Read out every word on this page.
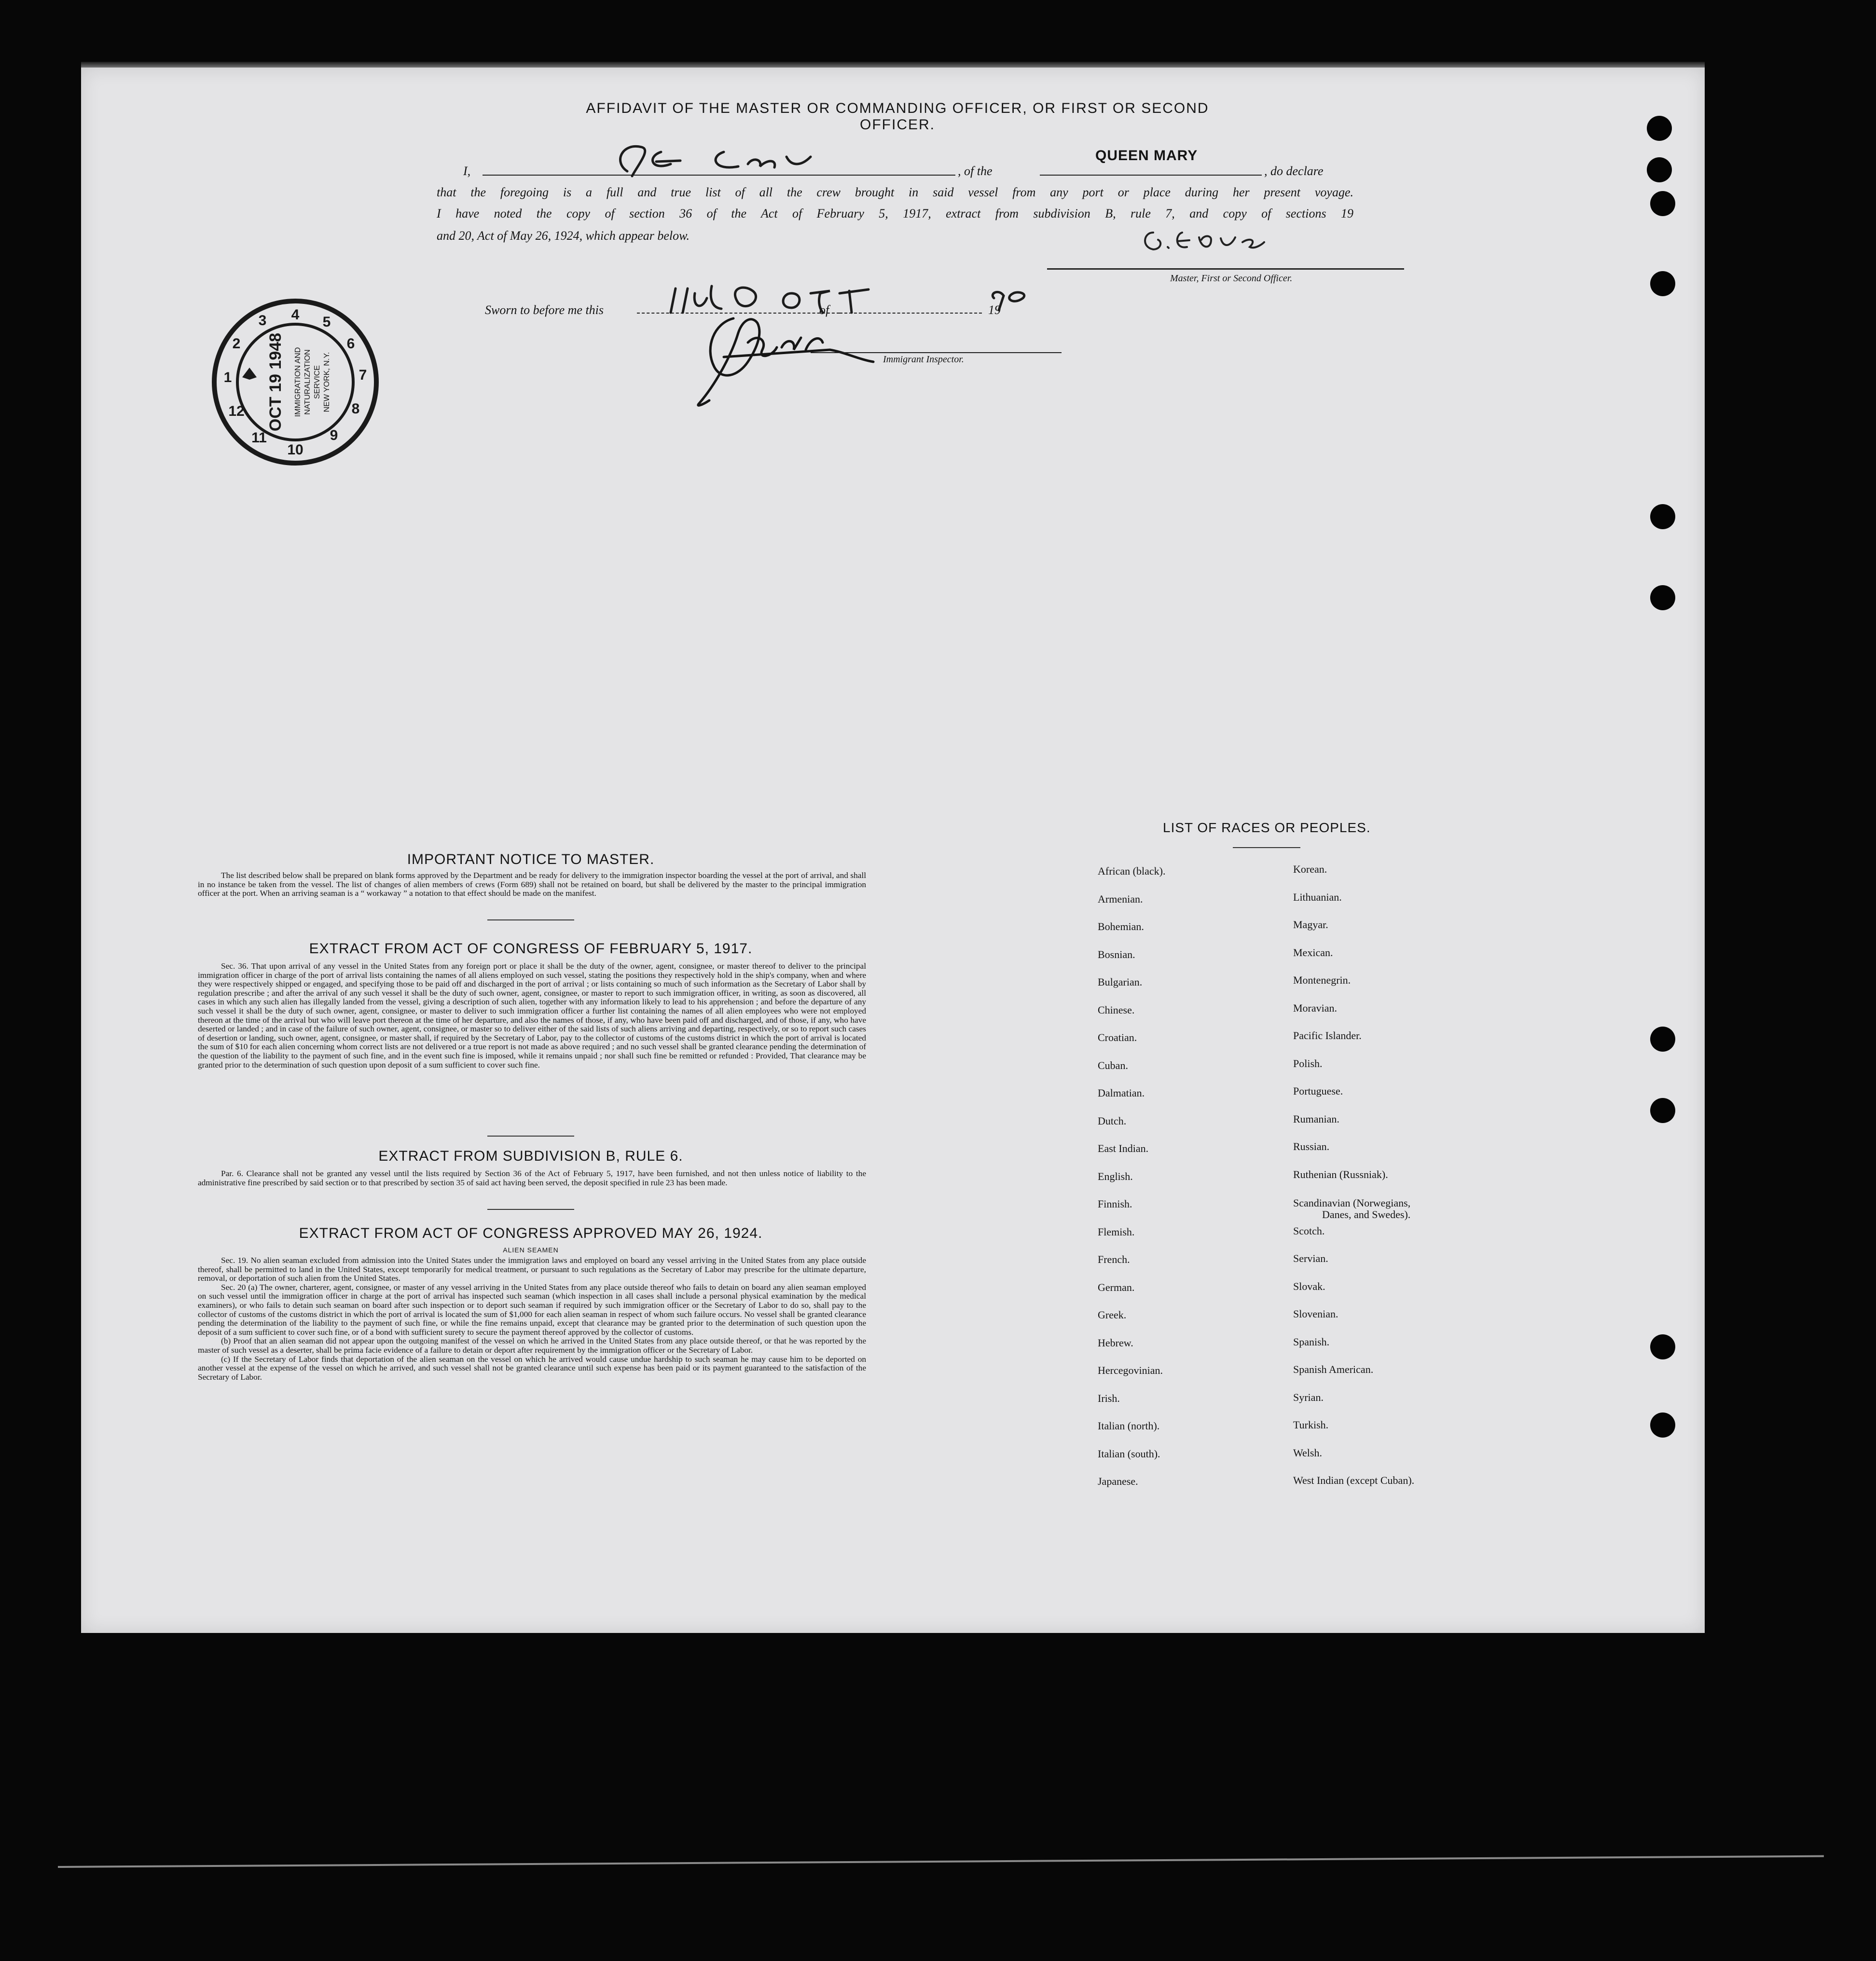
AFFIDAVIT OF THE MASTER OR COMMANDING OFFICER, OR FIRST OR SECOND OFFICER.
I,	, of the
QUEEN MARY
, do declare
that the foregoing is a full and true list of all the crew brought in said vessel from any port or place during her present voyage.
I have noted the copy of section 36 of the Act of February 5, 1917, extract from subdivision B, rule 7, and copy of sections 19
and 20, Act of May 26, 1924, which appear below.
Master, First or Second Officer.
Sworn to before me this	of	19
Immigrant Inspector.
4 5
6
7
8
9
10
11
12
1
2
3
OCT 19 1948 IMMIGRATION AND NATURALIZATION SERVICE NEW YORK, N.Y.
IMPORTANT NOTICE TO MASTER.

The list described below shall be prepared on blank forms approved by the Department and be ready for delivery to the immigration inspector boarding the vessel at the port of arrival, and shall in no instance be taken from the vessel. The list of changes of alien members of crews (Form 689) shall not be retained on board, but shall be delivered by the master to the principal immigration officer at the port. When an arriving seaman is a “ workaway ” a notation to that effect should be made on the manifest.

EXTRACT FROM ACT OF CONGRESS OF FEBRUARY 5, 1917.

Sec. 36. That upon arrival of any vessel in the United States from any foreign port or place it shall be the duty of the owner, agent, consignee, or master thereof to deliver to the principal immigration officer in charge of the port of arrival lists containing the names of all aliens employed on such vessel, stating the positions they respectively hold in the ship's company, when and where they were respectively shipped or engaged, and specifying those to be paid off and discharged in the port of arrival ; or lists containing so much of such information as the Secretary of Labor shall by regulation prescribe ; and after the arrival of any such vessel it shall be the duty of such owner, agent, consignee, or master to report to such immigration officer, in writing, as soon as discovered, all cases in which any such alien has illegally landed from the vessel, giving a description of such alien, together with any information likely to lead to his apprehension ; and before the departure of any such vessel it shall be the duty of such owner, agent, consignee, or master to deliver to such immigration officer a further list containing the names of all alien employees who were not employed thereon at the time of the arrival but who will leave port thereon at the time of her departure, and also the names of those, if any, who have been paid off and discharged, and of those, if any, who have deserted or landed ; and in case of the failure of such owner, agent, consignee, or master so to deliver either of the said lists of such aliens arriving and departing, respectively, or so to report such cases of desertion or landing, such owner, agent, consignee, or master shall, if required by the Secretary of Labor, pay to the collector of customs of the customs district in which the port of arrival is located the sum of $10 for each alien concerning whom correct lists are not delivered or a true report is not made as above required ; and no such vessel shall be granted clearance pending the determination of the question of the liability to the payment of such fine, and in the event such fine is imposed, while it remains unpaid ; nor shall such fine be remitted or refunded : Provided, That clearance may be granted prior to the determination of such question upon deposit of a sum sufficient to cover such fine.

EXTRACT FROM SUBDIVISION B, RULE 6.

Par. 6. Clearance shall not be granted any vessel until the lists required by Section 36 of the Act of February 5, 1917, have been furnished, and not then unless notice of liability to the administrative fine prescribed by said section or to that prescribed by section 35 of said act having been served, the deposit specified in rule 23 has been made.

EXTRACT FROM ACT OF CONGRESS APPROVED MAY 26, 1924.
ALIEN SEAMEN

Sec. 19. No alien seaman excluded from admission into the United States under the immigration laws and employed on board any vessel arriving in the United States from any place outside thereof, shall be permitted to land in the United States, except temporarily for medical treatment, or pursuant to such regulations as the Secretary of Labor may prescribe for the ultimate departure, removal, or deportation of such alien from the United States.

Sec. 20 (a) The owner, charterer, agent, consignee, or master of any vessel arriving in the United States from any place outside thereof who fails to detain on board any alien seaman employed on such vessel until the immigration officer in charge at the port of arrival has inspected such seaman (which inspection in all cases shall include a personal physical examination by the medical examiners), or who fails to detain such seaman on board after such inspection or to deport such seaman if required by such immigration officer or the Secretary of Labor to do so, shall pay to the collector of customs of the customs district in which the port of arrival is located the sum of $1,000 for each alien seaman in respect of whom such failure occurs. No vessel shall be granted clearance pending the determination of the liability to the payment of such fine, or while the fine remains unpaid, except that clearance may be granted prior to the determination of such question upon the deposit of a sum sufficient to cover such fine, or of a bond with sufficient surety to secure the payment thereof approved by the collector of customs.

(b) Proof that an alien seaman did not appear upon the outgoing manifest of the vessel on which he arrived in the United States from any place outside thereof, or that he was reported by the master of such vessel as a deserter, shall be prima facie evidence of a failure to detain or deport after requirement by the immigration officer or the Secretary of Labor.

(c) If the Secretary of Labor finds that deportation of the alien seaman on the vessel on which he arrived would cause undue hardship to such seaman he may cause him to be deported on another vessel at the expense of the vessel on which he arrived, and such vessel shall not be granted clearance until such expense has been paid or its payment guaranteed to the satisfaction of the Secretary of Labor.

LIST OF RACES OR PEOPLES.
African (black).
Armenian.
Bohemian.
Bosnian.
Bulgarian.
Chinese.
Croatian.
Cuban.
Dalmatian.
Dutch.
East Indian.
English.
Finnish.
Flemish.
French.
German.
Greek.
Hebrew.
Hercegovinian.
Irish.
Italian (north).
Italian (south).
Japanese.
Korean.
Lithuanian.
Magyar.
Mexican.
Montenegrin.
Moravian.
Pacific Islander.
Polish.
Portuguese.
Rumanian.
Russian.
Ruthenian (Russniak).
Scandinavian (Norwegians,
Danes, and Swedes).
Scotch.
Servian.
Slovak.
Slovenian.
Spanish.
Spanish American.
Syrian.
Turkish.
Welsh.
West Indian (except Cuban).
